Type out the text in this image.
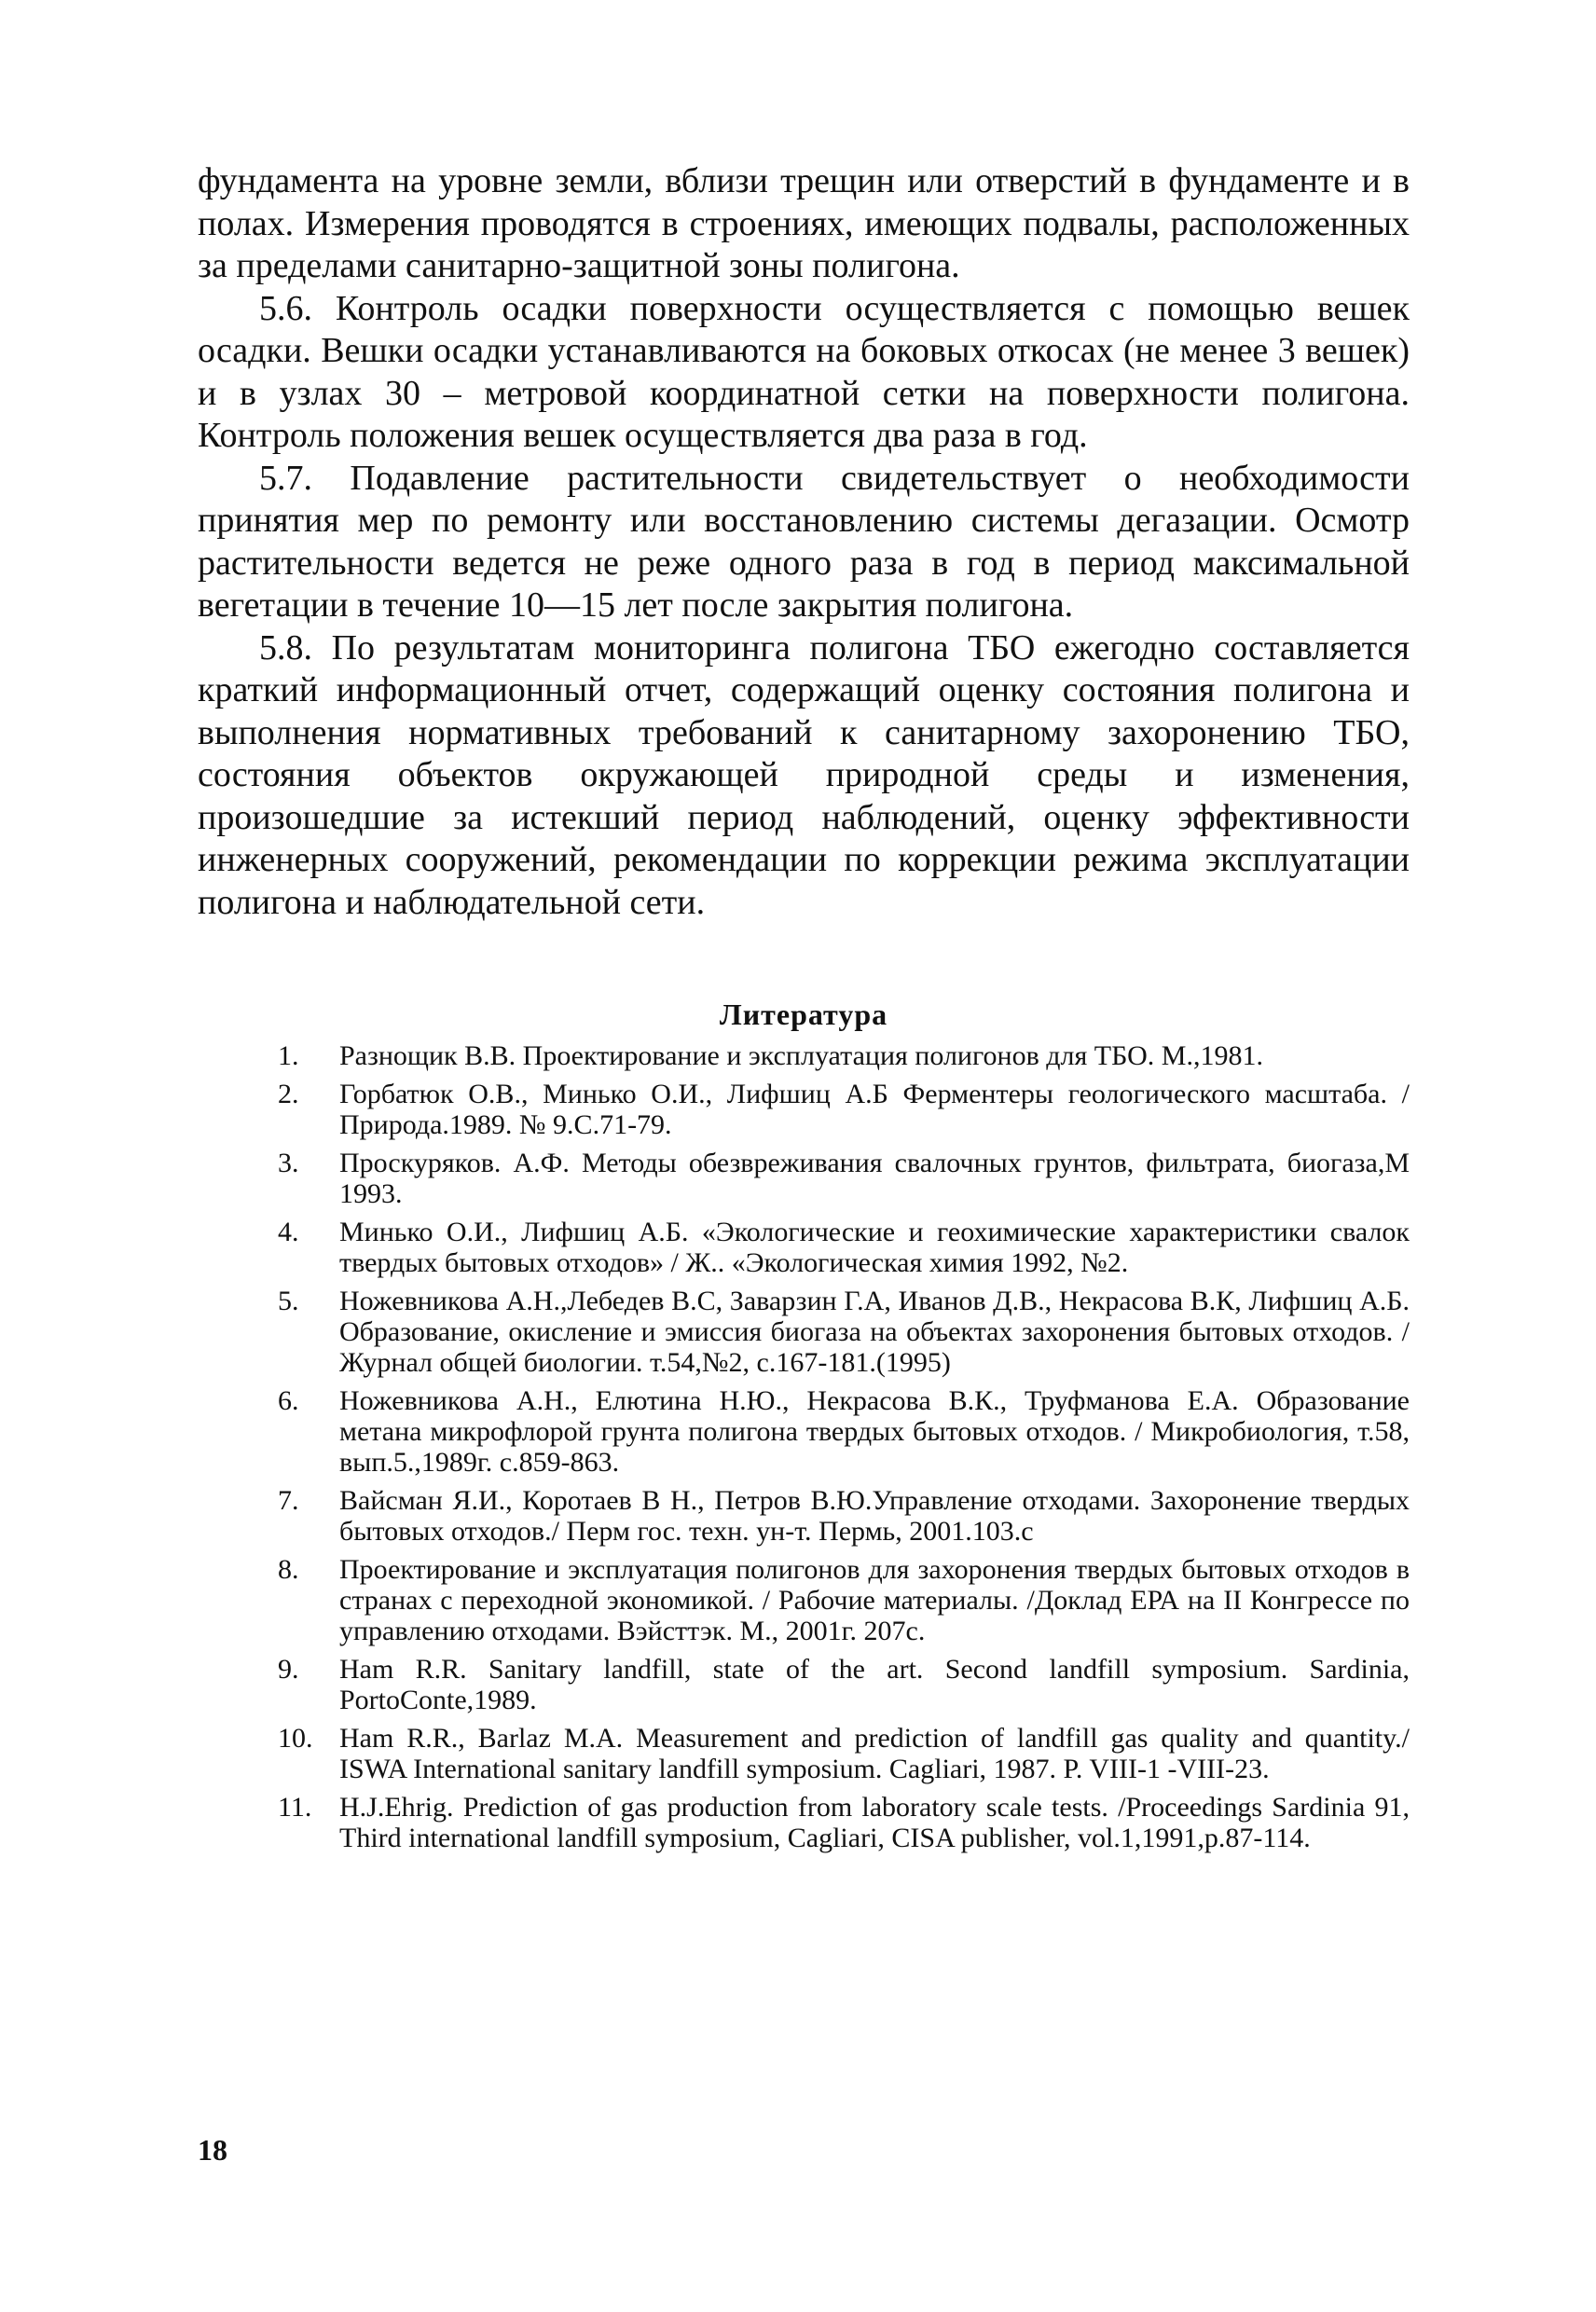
фундамента на уровне земли, вблизи трещин или отверстий в фундаменте и в полах. Измерения проводятся в строениях, имеющих подвалы, расположенных за пределами санитарно-защитной зоны полигона.

5.6. Контроль осадки поверхности осуществляется с помощью вешек осадки. Вешки осадки устанавливаются на боковых откосах (не менее 3 вешек) и в узлах 30 – метровой координатной сетки на поверхности полигона. Контроль положения вешек осуществляется два раза в год.

5.7. Подавление растительности свидетельствует о необходимости принятия мер по ремонту или восстановлению системы дегазации. Осмотр растительности ведется не реже одного раза в год в период максимальной вегетации в течение 10—15 лет после закрытия полигона.

5.8. По результатам мониторинга полигона ТБО ежегодно составляется краткий информационный отчет, содержащий оценку состояния полигона и выполнения нормативных требований к санитарному захоронению ТБО, состояния объектов окружающей природной среды и изменения, произошедшие за истекший период наблюдений, оценку эффективности инженерных сооружений, рекомендации по коррекции режима эксплуатации полигона и наблюдательной сети.

Литература
1.	Разнощик В.В. Проектирование и эксплуатация полигонов для ТБО. М.,1981.
2.	Горбатюк О.В., Минько О.И., Лифшиц А.Б Ферментеры геологического масштаба. / Природа.1989. № 9.С.71-79.
3.	Проскуряков. А.Ф. Методы обезвреживания свалочных грунтов, фильтрата, биогаза,М 1993.
4.	Минько О.И., Лифшиц А.Б. «Экологические и геохимические характеристики свалок твердых бытовых отходов» / Ж.. «Экологическая химия 1992, №2.
5.	Ножевникова А.Н.,Лебедев В.С, Заварзин Г.А, Иванов Д.В., Некрасова В.К, Лифшиц А.Б. Образование, окисление и эмиссия биогаза на объектах захоронения бытовых отходов. /Журнал общей биологии. т.54,№2, с.167-181.(1995)
6.	Ножевникова А.Н., Елютина Н.Ю., Некрасова В.К., Труфманова Е.А. Образование метана микрофлорой грунта полигона твердых бытовых отходов. / Микробиология, т.58, вып.5.,1989г. с.859-863.
7.	Вайсман Я.И., Коротаев В Н., Петров В.Ю.Управление отходами. Захоронение твердых бытовых отходов./ Перм гос. техн. ун-т. Пермь, 2001.103.с
8.	Проектирование и эксплуатация полигонов для захоронения твердых бытовых отходов в странах с переходной экономикой. / Рабочие материалы. /Доклад ЕРА на II Конгрессе по управлению отходами. Вэйсттэк. М., 2001г. 207с.
9.	Ham R.R. Sanitary landfill, state of the art. Second landfill symposium. Sardinia, PortoConte,1989.
10. Ham R.R., Barlaz M.A. Measurement and prediction of landfill gas quality and quantity./ ISWA International sanitary landfill symposium. Cagliari, 1987. P. VIII-1 -VIII-23.
11. H.J.Ehrig. Prediction of gas production from laboratory scale tests. /Proceedings Sardinia 91, Third international landfill symposium, Cagliari, CISA publisher, vol.1,1991,p.87-114.
18
